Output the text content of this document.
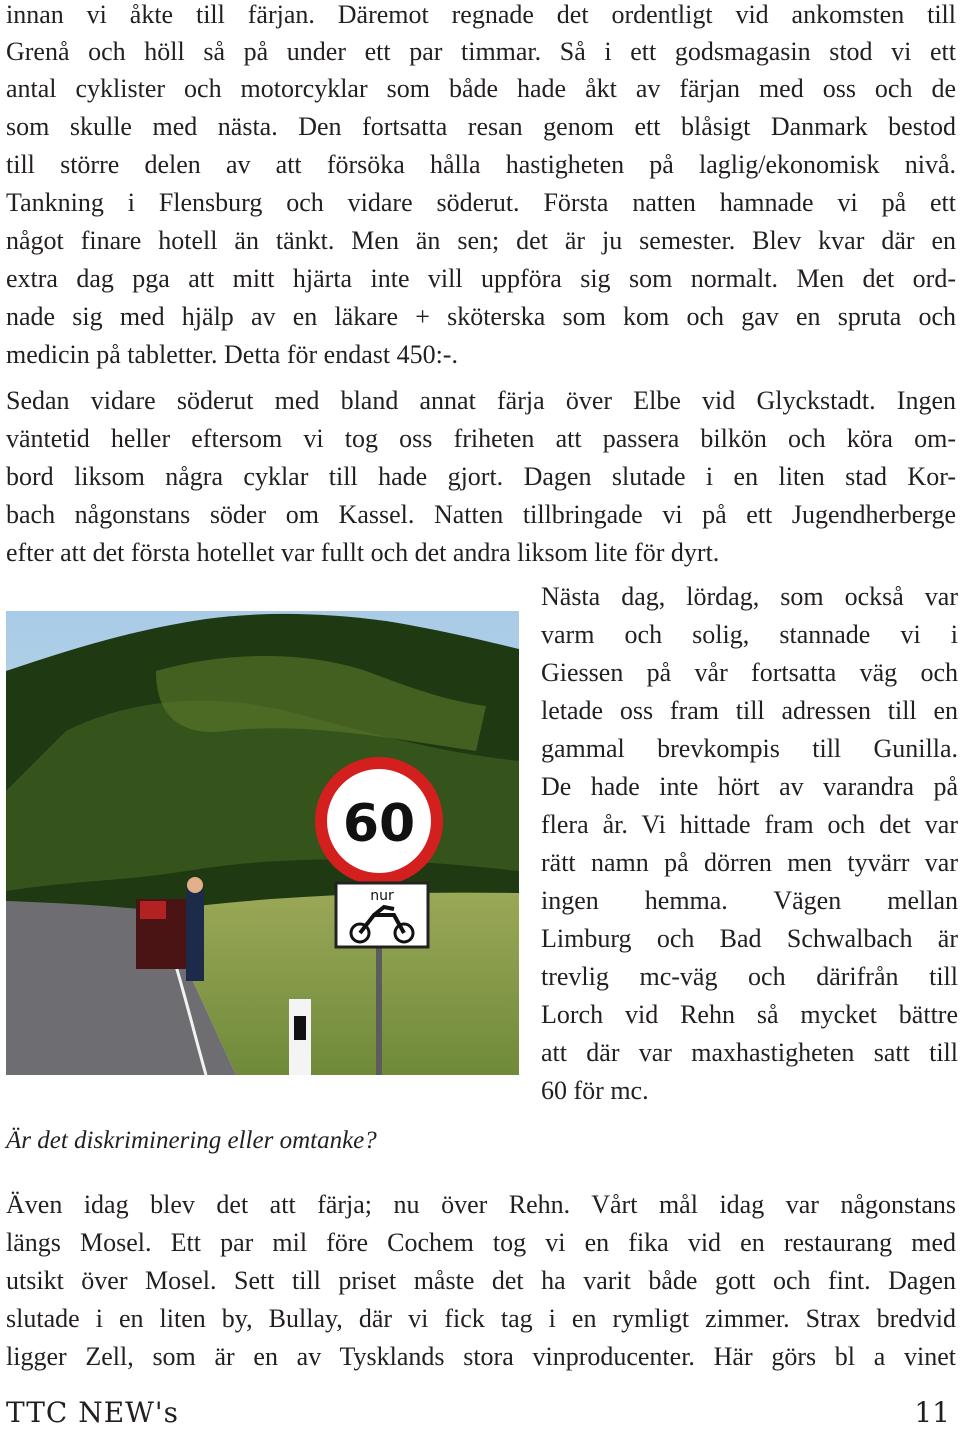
innan vi åkte till färjan. Däremot regnade det ordentligt vid ankomsten till
Grenå och höll så på under ett par timmar. Så i ett godsmagasin stod vi ett
antal cyklister och motorcyklar som både hade åkt av färjan med oss och de
som skulle med nästa. Den fortsatta resan genom ett blåsigt Danmark bestod
till större delen av att försöka hålla hastigheten på laglig/ekonomisk nivå.
Tankning i Flensburg och vidare söderut. Första natten hamnade vi på ett
något finare hotell än tänkt. Men än sen; det är ju semester. Blev kvar där en
extra dag pga att mitt hjärta inte vill uppföra sig som normalt. Men det ord-
nade sig med hjälp av en läkare + sköterska som kom och gav en spruta och
medicin på tabletter. Detta för endast 450:-.
Sedan vidare söderut med bland annat färja över Elbe vid Glyckstadt. Ingen
väntetid heller eftersom vi tog oss friheten att passera bilkön och köra om-
bord liksom några cyklar till hade gjort. Dagen slutade i en liten stad Kor-
bach någonstans söder om Kassel. Natten tillbringade vi på ett Jugendherberge
efter att det första hotellet var fullt och det andra liksom lite för dyrt.
60
nur
Nästa dag, lördag, som också var
varm och solig, stannade vi i
Giessen på vår fortsatta väg och
letade oss fram till adressen till en
gammal brevkompis till Gunilla.
De hade inte hört av varandra på
flera år. Vi hittade fram och det var
rätt namn på dörren men tyvärr var
ingen hemma. Vägen mellan
Limburg och Bad Schwalbach är
trevlig mc-väg och därifrån till
Lorch vid Rehn så mycket bättre
att där var maxhastigheten satt till
60 för mc.
Är det diskriminering eller omtanke?
Även idag blev det att färja; nu över Rehn. Vårt mål idag var någonstans
längs Mosel. Ett par mil före Cochem tog vi en fika vid en restaurang med
utsikt över Mosel. Sett till priset måste det ha varit både gott och fint. Dagen
slutade i en liten by, Bullay, där vi fick tag i en rymligt zimmer. Strax bredvid
ligger Zell, som är en av Tysklands stora vinproducenter. Här görs bl a vinet
TTC NEW's	11
